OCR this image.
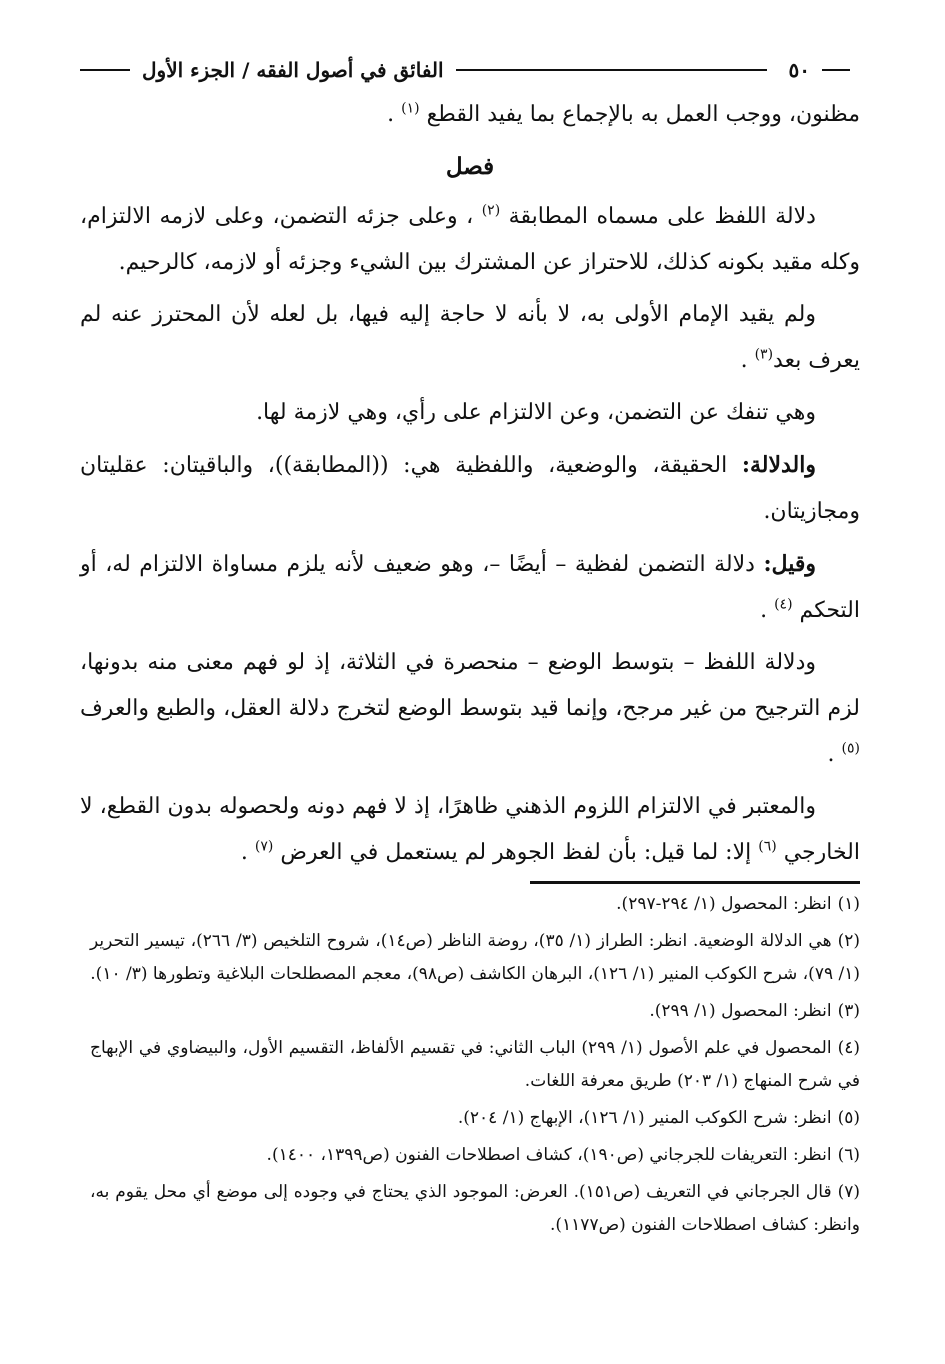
٥٠
الفائق في أصول الفقه / الجزء الأول

مظنون، ووجب العمل به بالإجماع بما يفيد القطع $^{(١)}$ .

فصل

دلالة اللفظ على مسماه المطابقة $^{(٢)}$ ، وعلى جزئه التضمن، وعلى لازمه الالتزام، وكله مقيد بكونه كذلك، للاحتراز عن المشترك بين الشيء وجزئه أو لازمه، كالرحيم.

ولم يقيد الإمام الأولى به، لا بأنه لا حاجة إليه فيها، بل لعله لأن المحترز عنه لم يعرف بعد$^{(٣)}$ .

وهي تنفك عن التضمن، وعن الالتزام على رأي، وهي لازمة لها.

والدلالة: الحقيقة، والوضعية، واللفظية هي: ((المطابقة))، والباقيتان: عقليتان ومجازيتان.

وقيل: دلالة التضمن لفظية – أيضًا –، وهو ضعيف لأنه يلزم مساواة الالتزام له، أو التحكم $^{(٤)}$ .

ودلالة اللفظ – بتوسط الوضع – منحصرة في الثلاثة، إذ لو فهم معنى منه بدونها، لزم الترجيح من غير مرجح، وإنما قيد بتوسط الوضع لتخرج دلالة العقل، والطبع والعرف $^{(٥)}$ .

والمعتبر في الالتزام اللزوم الذهني ظاهرًا، إذ لا فهم دونه ولحصوله بدون القطع، لا الخارجي $^{(٦)}$ إلا: لما قيل: بأن لفظ الجوهر لم يستعمل في العرض $^{(٧)}$ .

(١)انظر: المحصول (١/ ٢٩٤-٢٩٧).
(٢)هي الدلالة الوضعية. انظر: الطراز (١/ ٣٥)، روضة الناظر (ص١٤)، شروح التلخيص (٣/ ٢٦٦)، تيسير التحرير (١/ ٧٩)، شرح الكوكب المنير (١/ ١٢٦)، البرهان الكاشف (ص٩٨)، معجم المصطلحات البلاغية وتطورها (٣/ ١٠).
(٣)انظر: المحصول (١/ ٢٩٩).
(٤)المحصول في علم الأصول (١/ ٢٩٩) الباب الثاني: في تقسيم الألفاظ، التقسيم الأول، والبيضاوي في الإبهاج في شرح المنهاج (١/ ٢٠٣) طريق معرفة اللغات.
(٥)انظر: شرح الكوكب المنير (١/ ١٢٦)، الإبهاج (١/ ٢٠٤).
(٦)انظر: التعريفات للجرجاني (ص١٩٠)، كشاف اصطلاحات الفنون (ص١٣٩٩، ١٤٠٠).
(٧)قال الجرجاني في التعريف (ص١٥١). العرض: الموجود الذي يحتاج في وجوده إلى موضع أي محل يقوم به، وانظر: كشاف اصطلاحات الفنون (ص١١٧٧).
